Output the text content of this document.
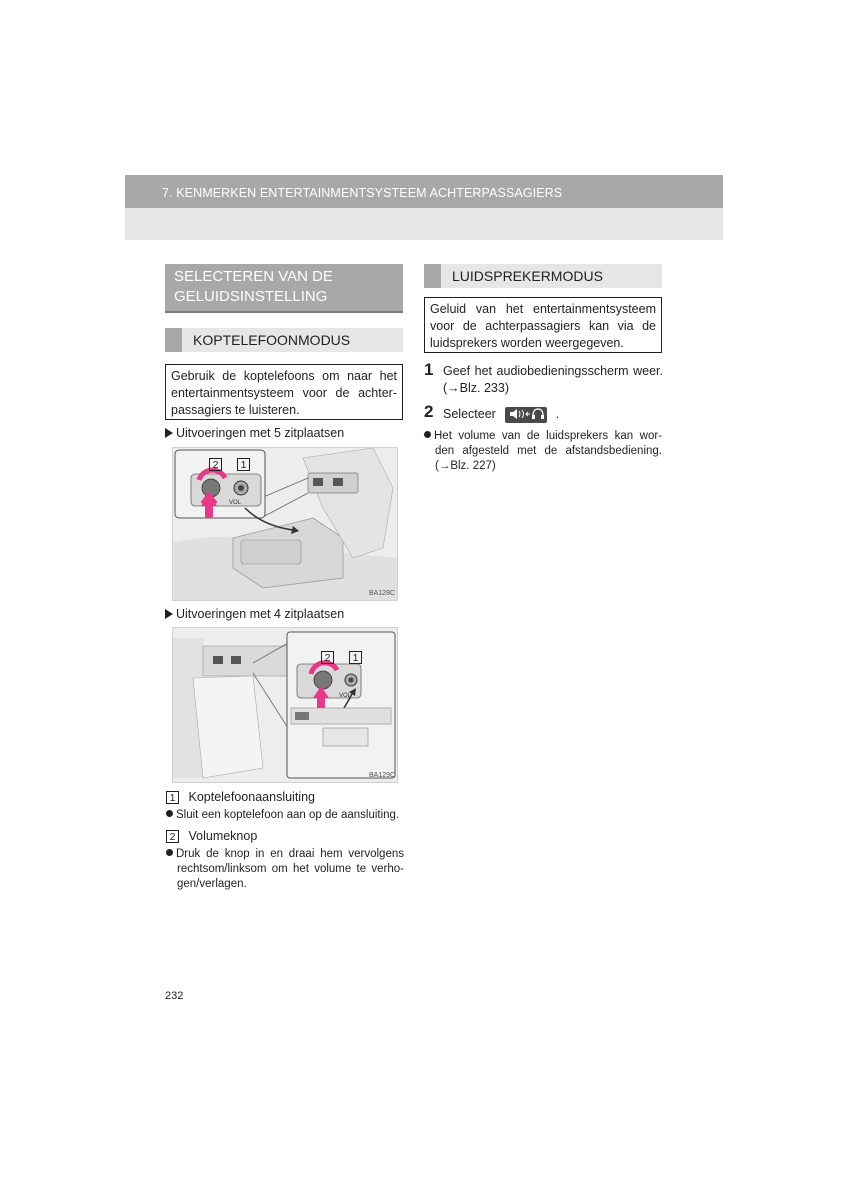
7. KENMERKEN ENTERTAINMENTSYSTEEM ACHTERPASSAGIERS
SELECTEREN VAN DE
GELUIDSINSTELLING
KOPTELEFOONMODUS
Gebruik de koptelefoons om naar het
entertainmentsysteem voor de achter-
passagiers te luisteren.
Uitvoeringen met 5 zitplaatsen
2	1
VOL
BA128C
Uitvoeringen met 4 zitplaatsen
2	1
VOL
BA129C
1 Koptelefoonaansluiting
Sluit een koptelefoon aan op de aansluiting.
2 Volumeknop
Druk de knop in en draai hem vervolgens
rechtsom/linksom om het volume te verho-
gen/verlagen.
LUIDSPREKERMODUS
Geluid van het entertainmentsysteem
voor de achterpassagiers kan via de
luidsprekers worden weergegeven.
1 Geef het audiobedieningsscherm weer.
(→Blz. 233)
2 Selecteer	.
Het volume van de luidsprekers kan wor-
den afgesteld met de afstandsbediening.
(→Blz. 227)
232
